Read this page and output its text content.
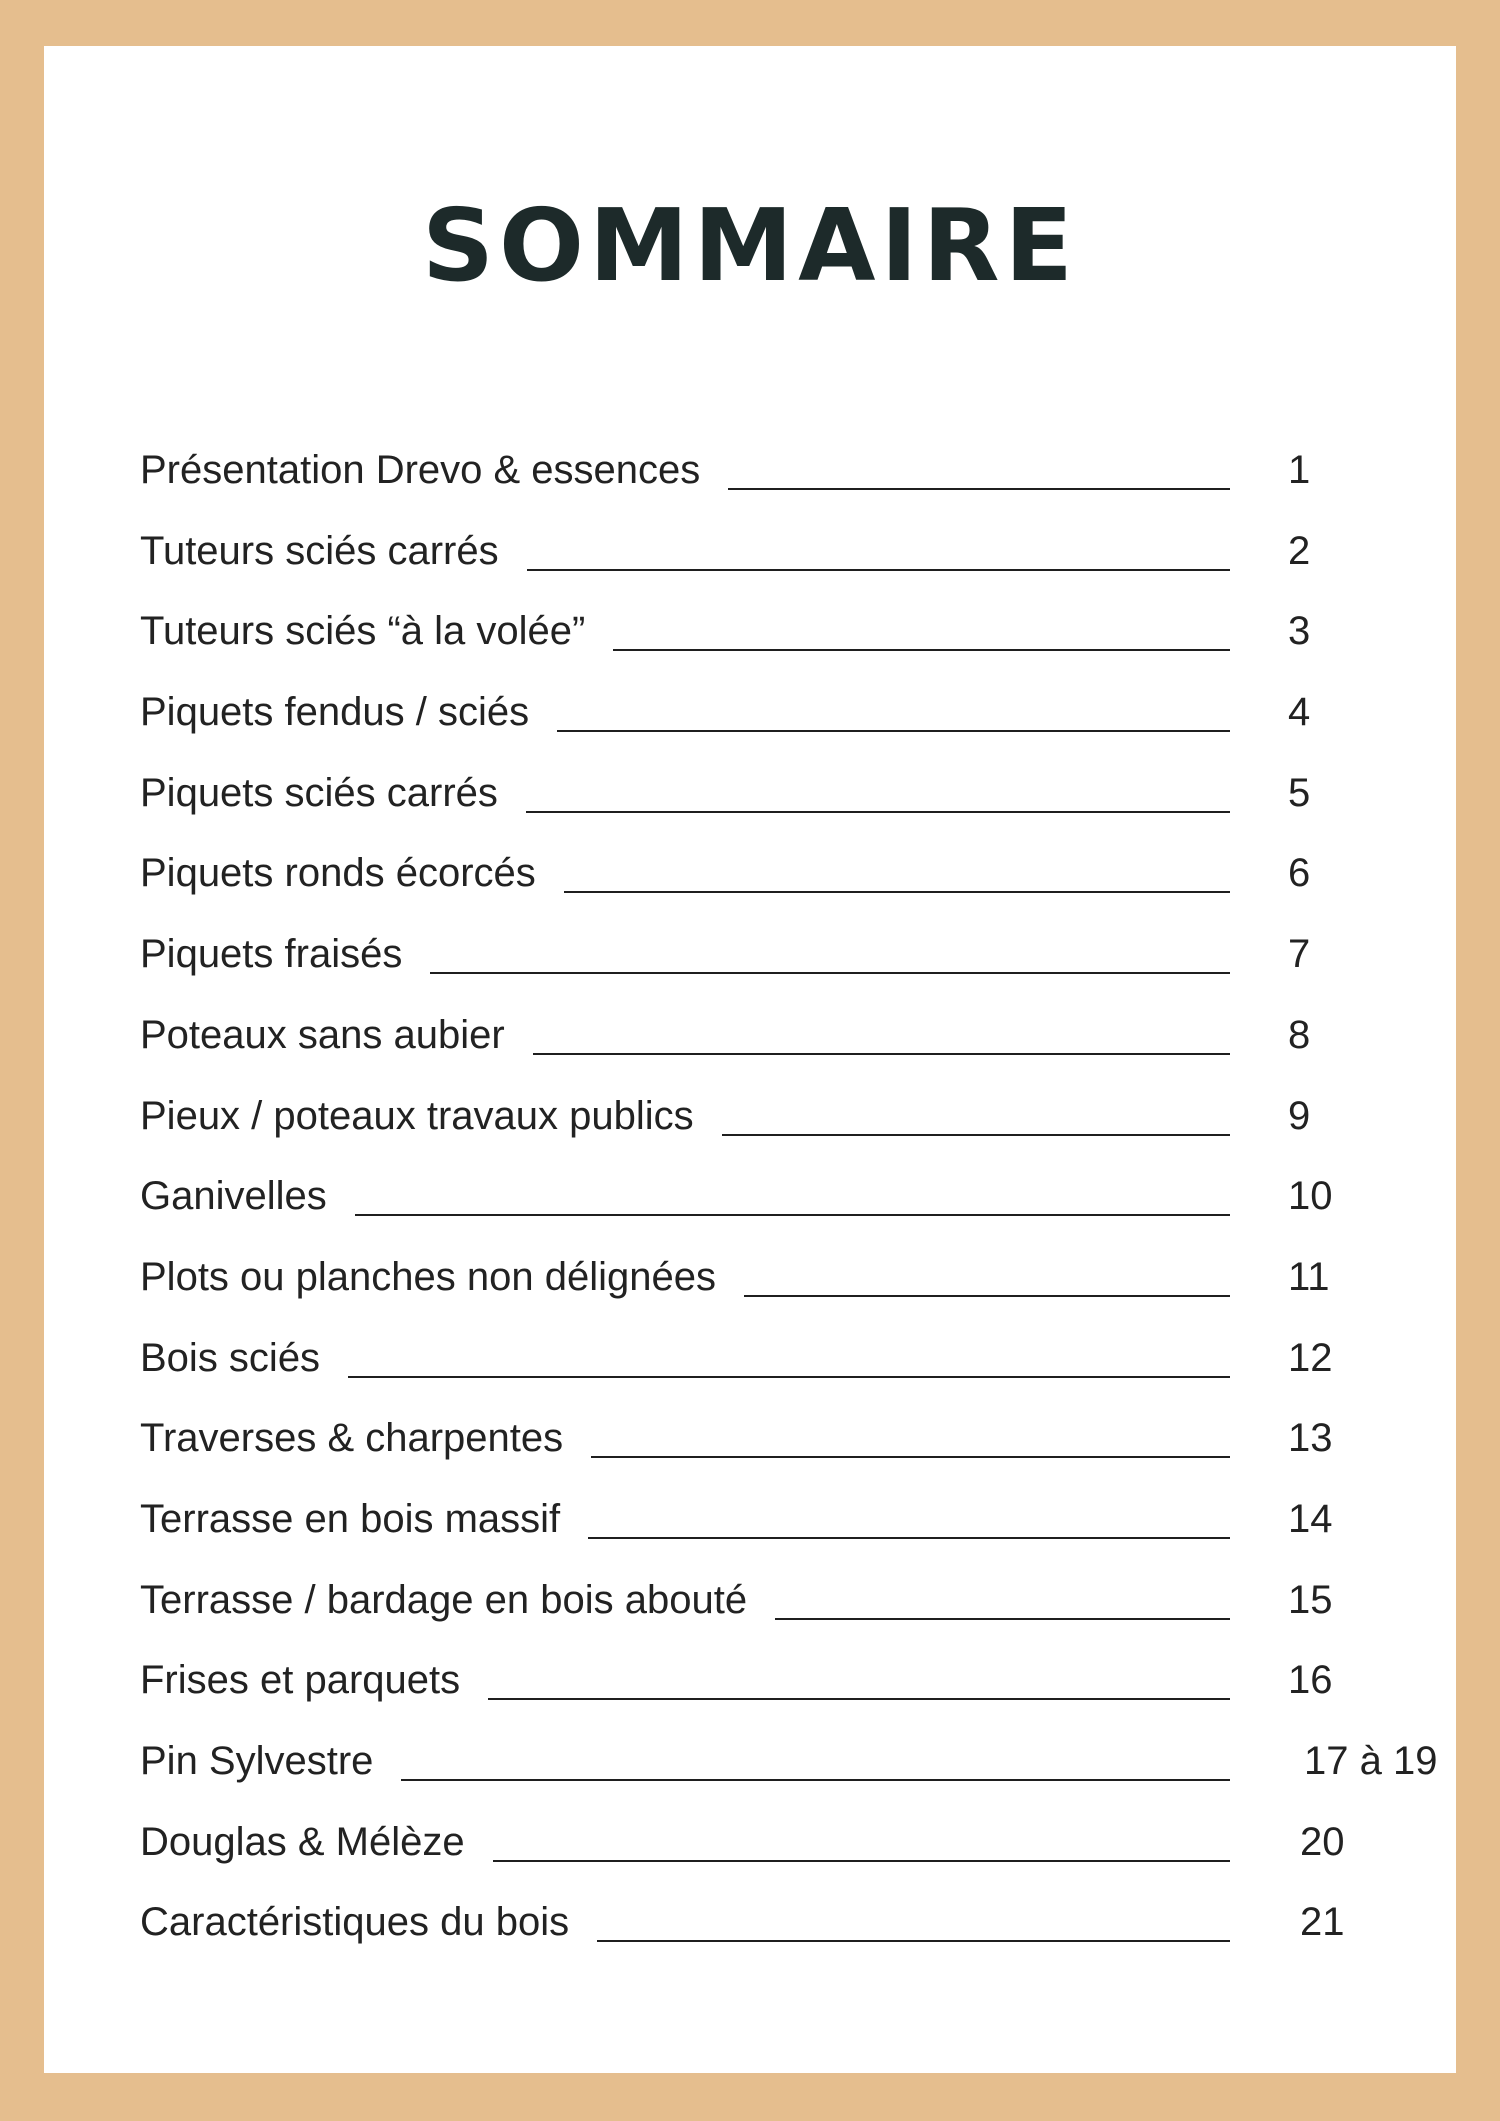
SOMMAIRE
Présentation Drevo & essences	1
Tuteurs sciés carrés	2
Tuteurs sciés “à la volée”	3
Piquets fendus / sciés	4
Piquets sciés carrés	5
Piquets ronds écorcés	6
Piquets fraisés	7
Poteaux sans aubier	8
Pieux / poteaux travaux publics	9
Ganivelles	10
Plots ou planches non délignées	11
Bois sciés	12
Traverses & charpentes	13
Terrasse en bois massif	14
Terrasse / bardage en bois abouté	15
Frises et parquets	16
Pin Sylvestre	17 à 19
Douglas & Mélèze	20
Caractéristiques du bois	21
